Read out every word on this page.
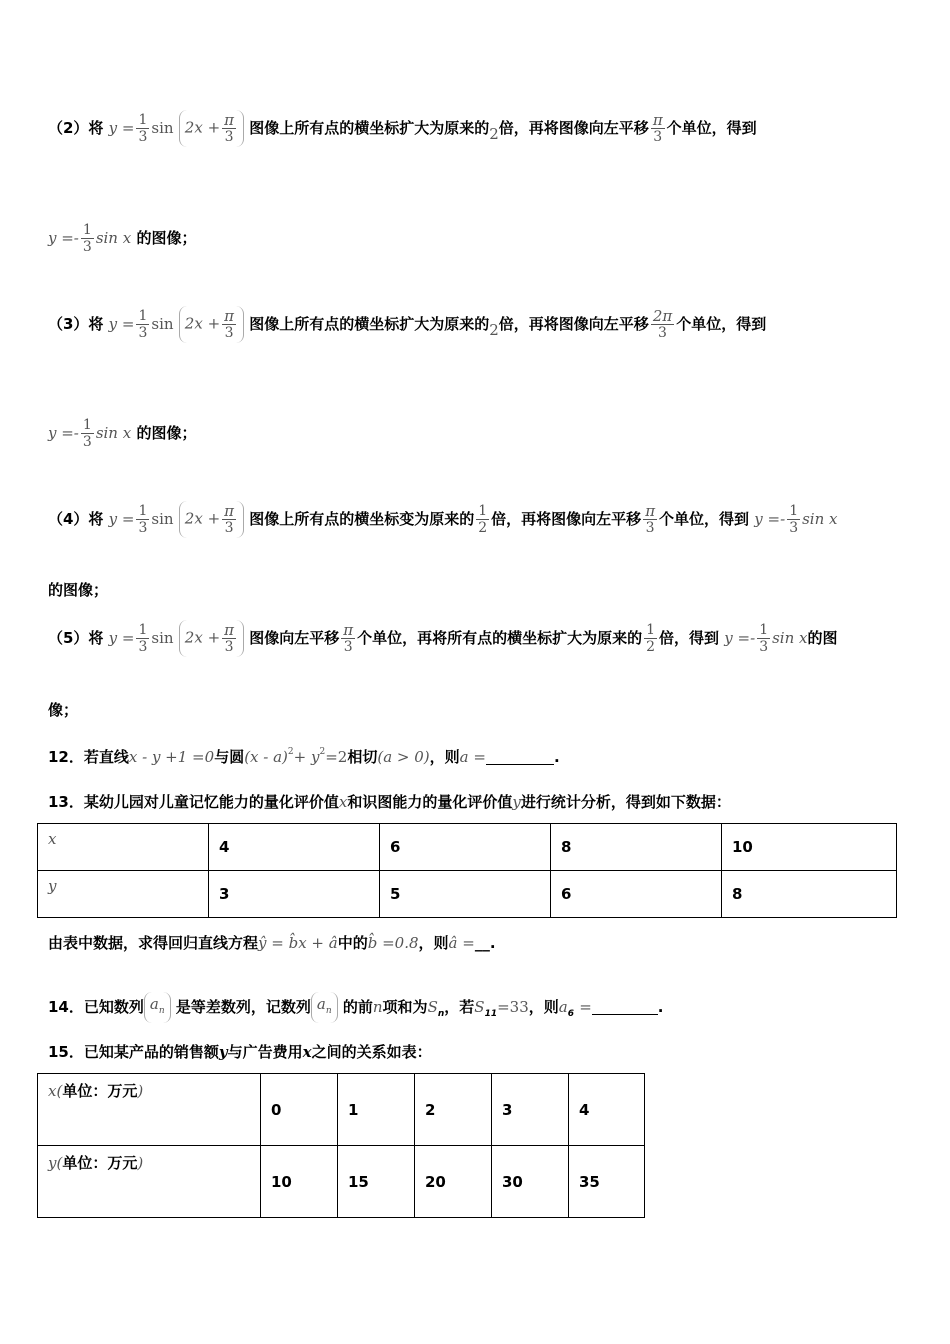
（2）将 $y = \frac{1}{3}$ $\sin 2x + \frac{\pi}{3}$ 图像上所有点的横坐标扩大为原来的2倍，再将图像向左平移 $\frac{\pi}{3}$ 个单位，得到
$y =- \frac{1}{3}$ sin x 的图像；
（3）将 $y = \frac{1}{3}$ $\sin 2x + \frac{\pi}{3}$ 图像上所有点的横坐标扩大为原来的2倍，再将图像向左平移 $\frac{2\pi}{3}$ 个单位，得到
$y =- \frac{1}{3}$ sin x 的图像；
（4）将 $y = \frac{1}{3}$ $\sin 2x + \frac{\pi}{3}$ 图像上所有点的横坐标变为原来的 $\frac{1}{2}$ 倍，再将图像向左平移 $\frac{\pi}{3}$ 个单位，得到 $y =- \frac{1}{3}$ sin x
的图像；
（5）将 $y = \frac{1}{3}$ $\sin 2x + \frac{\pi}{3}$ 图像向左平移 $\frac{\pi}{3}$ 个单位，再将所有点的横坐标扩大为原来的 $\frac{1}{2}$ 倍，得到 $y =- \frac{1}{3}$ sin x的图
像；
12．若直线x - y +1 =0与圆$(x - a)^2+ y^2=2$相切(a > 0)，则a =	.
13．某幼儿园对儿童记忆能力的量化评价值x和识图能力的量化评价值y进行统计分析，得到如下数据：
x	4	6	8	10
y	3	5	6	8
由表中数据，求得回归直线方程ŷ = b̂x + â中的b̂ =0.8，则â =__.
14．已知数列 $a_n$ 是等差数列，记数列 $a_n$ 的前n项和为$S_n$，若$S_{11}=33$，则$a_6$ =	.
15．已知某产品的销售额y与广告费用x之间的关系如表：
x(单位：万元)	0	1	2	3	4
y(单位：万元)	10	15	20	30	35
